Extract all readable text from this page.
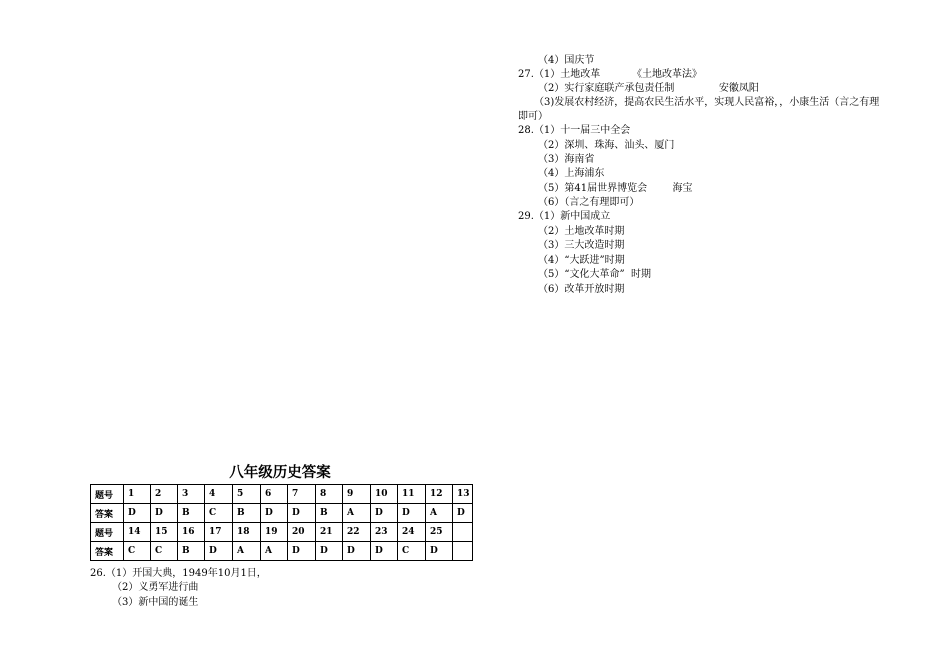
（4）国庆节
27.（1）土地改革          《土地改革法》
（2）实行家庭联产承包责任制              安徽凤阳
（3)发展农村经济，提高农民生活水平，实现人民富裕，，小康生活（言之有理
即可）
28.（1）十一届三中全会
（2）深圳、珠海、汕头、厦门
（3）海南省
（4）上海浦东
（5）第41届世界博览会        海宝
（6）（言之有理即可）
29.（1）新中国成立
（2）土地改革时期
（3）三大改造时期
（4）“大跃进”时期
（5）“文化大革命”  时期
（6）改革开放时期
八年级历史答案
题号	1	2	3	4	5	6	7	8	9	10	11	12	13
答案	D	D	B	C	B	D	D	B	A	D	D	A	D
题号	14	15	16	17	18	19	20	21	22	23	24	25	
答案	C	C	B	D	A	A	D	D	D	D	C	D	
26.（1）开国大典，1949年10月1日，
（2）义勇军进行曲
（3）新中国的诞生
